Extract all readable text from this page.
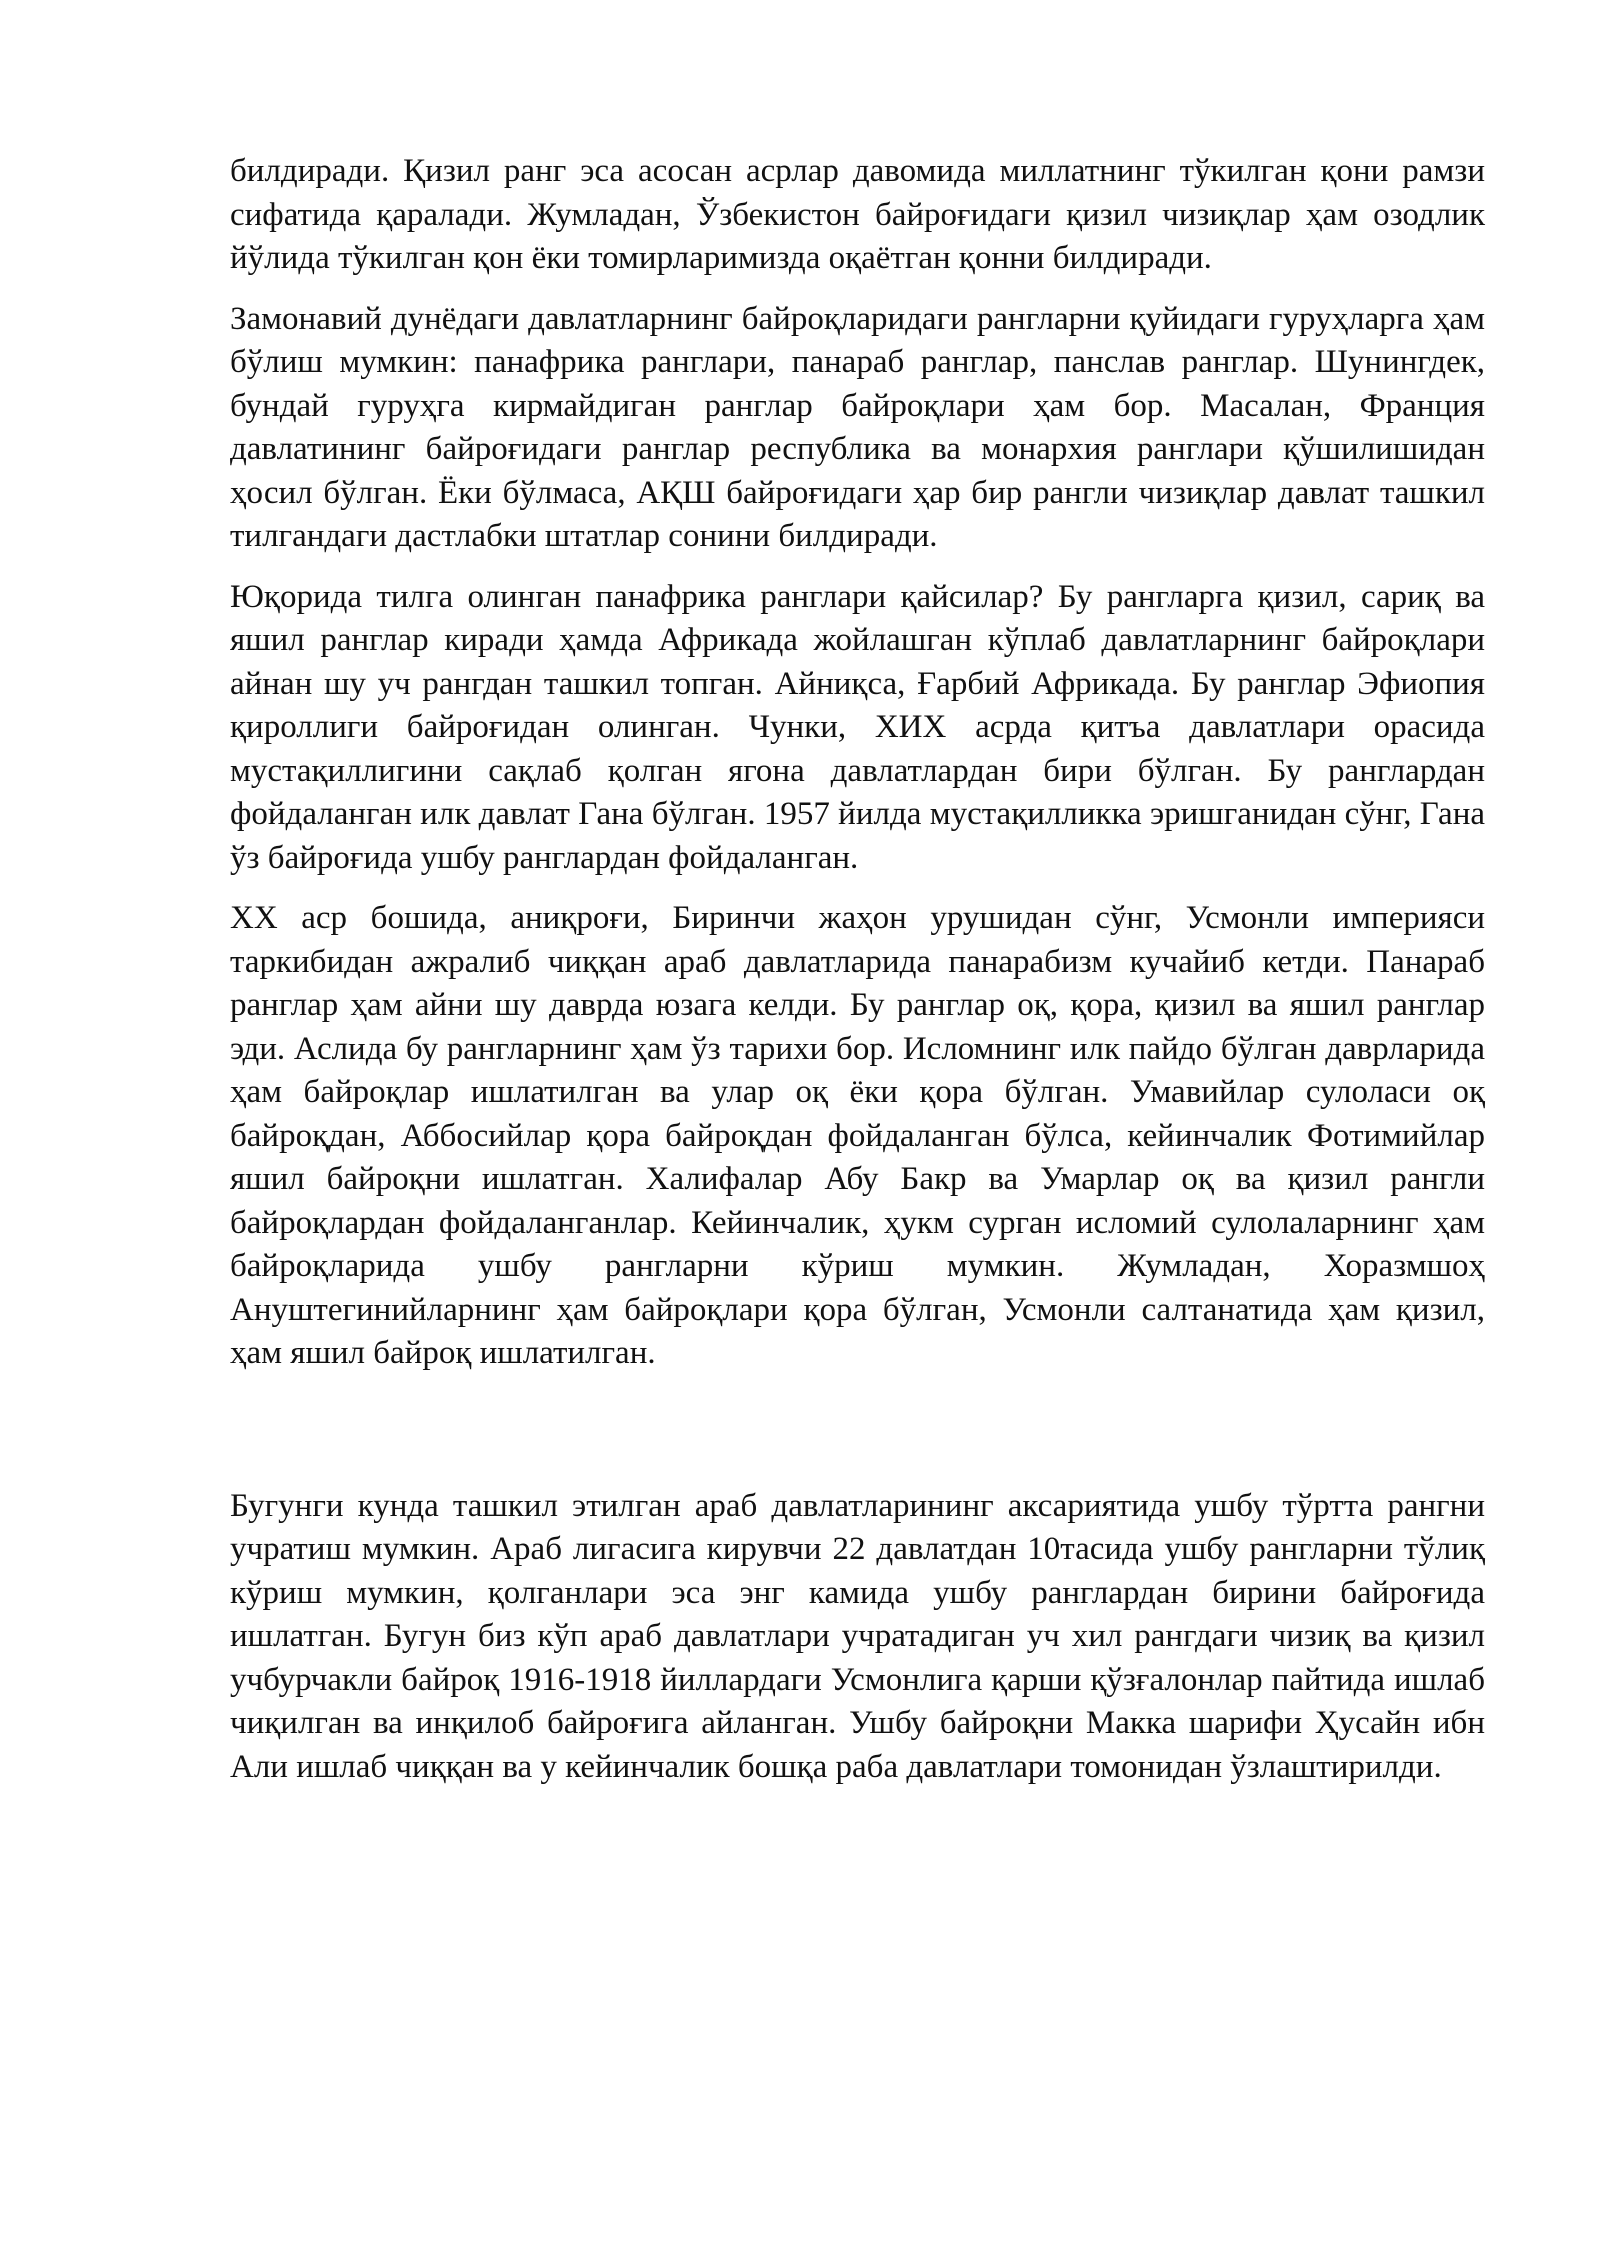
билдиради. Қизил ранг эса асосан асрлар давомида миллатнинг тўкилган қони рамзи сифатида қаралади. Жумладан, Ўзбекистон байроғидаги қизил чизиқлар ҳам озодлик йўлида тўкилган қон ёки томирларимизда оқаётган қонни билдиради.

Замонавий дунёдаги давлатларнинг байроқларидаги рангларни қуйидаги гуруҳларга ҳам бўлиш мумкин: панафрика ранглари, панараб ранглар, панслав ранглар. Шунингдек, бундай гуруҳга кирмайдиган ранглар байроқлари ҳам бор. Масалан, Франция давлатининг байроғидаги ранглар республика ва монархия ранглари қўшилишидан ҳосил бўлган. Ёки бўлмаса, АҚШ байроғидаги ҳар бир рангли чизиқлар давлат ташкил тилгандаги дастлабки штатлар сонини билдиради.

Юқорида тилга олинган панафрика ранглари қайсилар? Бу рангларга қизил, сариқ ва яшил ранглар киради ҳамда Африкада жойлашган кўплаб давлатларнинг байроқлари айнан шу уч рангдан ташкил топган. Айниқса, Ғарбий Африкада. Бу ранглар Эфиопия қироллиги байроғидан олинган. Чунки, ХИХ асрда қитъа давлатлари орасида мустақиллигини сақлаб қолган ягона давлатлардан бири бўлган. Бу ранглардан фойдаланган илк давлат Гана бўлган. 1957 йилда мустақилликка эришганидан сўнг, Гана ўз байроғида ушбу ранглардан фойдаланган.

ХХ аср бошида, аниқроғи, Биринчи жаҳон урушидан сўнг, Усмонли империяси таркибидан ажралиб чиққан араб давлатларида панарабизм кучайиб кетди. Панараб ранглар ҳам айни шу даврда юзага келди. Бу ранглар оқ, қора, қизил ва яшил ранглар эди. Аслида бу рангларнинг ҳам ўз тарихи бор. Исломнинг илк пайдо бўлган даврларида ҳам байроқлар ишлатилган ва улар оқ ёки қора бўлган. Умавийлар сулоласи оқ байроқдан, Аббосийлар қора байроқдан фойдаланган бўлса, кейинчалик Фотимийлар яшил байроқни ишлатган. Халифалар Абу Бакр ва Умарлар оқ ва қизил рангли байроқлардан фойдаланганлар. Кейинчалик, ҳукм сурган исломий сулолаларнинг ҳам байроқларида ушбу рангларни кўриш мумкин. Жумладан, Хоразмшоҳ Ануштегинийларнинг ҳам байроқлари қора бўлган, Усмонли салтанатида ҳам қизил, ҳам яшил байроқ ишлатилган.

Бугунги кунда ташкил этилган араб давлатларининг аксариятида ушбу тўртта рангни учратиш мумкин. Араб лигасига кирувчи 22 давлатдан 10тасида ушбу рангларни тўлиқ кўриш мумкин, қолганлари эса энг камида ушбу ранглардан бирини байроғида ишлатган. Бугун биз кўп араб давлатлари учратадиган уч хил рангдаги чизиқ ва қизил учбурчакли байроқ 1916-1918 йиллардаги Усмонлига қарши қўзғалонлар пайтида ишлаб чиқилган ва инқилоб байроғига айланган. Ушбу байроқни Макка шарифи Ҳусайн ибн Али ишлаб чиққан ва у кейинчалик бошқа раба давлатлари томонидан ўзлаштирилди.
